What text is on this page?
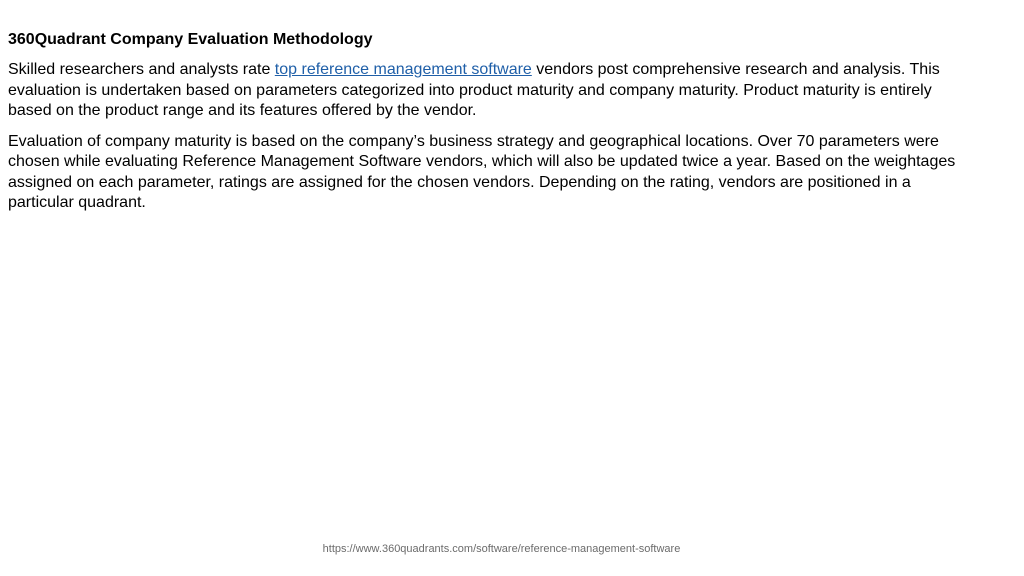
360Quadrant Company Evaluation Methodology

Skilled researchers and analysts rate top reference management software vendors post comprehensive research and analysis. This evaluation is undertaken based on parameters categorized into product maturity and company maturity. Product maturity is entirely based on the product range and its features offered by the vendor.

Evaluation of company maturity is based on the company’s business strategy and geographical locations. Over 70 parameters were chosen while evaluating Reference Management Software vendors, which will also be updated twice a year. Based on the weightages assigned on each parameter, ratings are assigned for the chosen vendors. Depending on the rating, vendors are positioned in a particular quadrant.

https://www.360quadrants.com/software/reference-management-software
